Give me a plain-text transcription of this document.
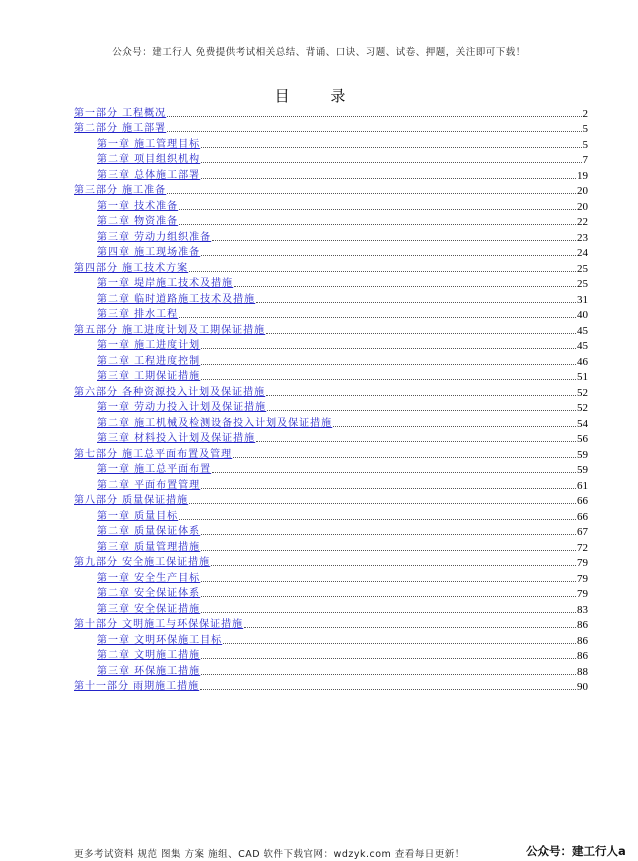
公众号：建工行人 免费提供考试相关总结、背诵、口诀、习题、试卷、押题，关注即可下载！
目 录
第一部分 工程概况	2
第二部分 施工部署	5
第一章 施工管理目标	5
第二章 项目组织机构	7
第三章 总体施工部署	19
第三部分 施工准备	20
第一章 技术准备	20
第二章 物资准备	22
第三章 劳动力组织准备	23
第四章 施工现场准备	24
第四部分 施工技术方案	25
第一章 堤岸施工技术及措施	25
第二章 临时道路施工技术及措施	31
第三章 排水工程	40
第五部分 施工进度计划及工期保证措施	45
第一章 施工进度计划	45
第二章 工程进度控制	46
第三章 工期保证措施	51
第六部分 各种资源投入计划及保证措施	52
第一章 劳动力投入计划及保证措施	52
第二章 施工机械及检测设备投入计划及保证措施	54
第三章 材料投入计划及保证措施	56
第七部分 施工总平面布置及管理	59
第一章 施工总平面布置	59
第二章 平面布置管理	61
第八部分 质量保证措施	66
第一章 质量目标	66
第二章 质量保证体系	67
第三章 质量管理措施	72
第九部分 安全施工保证措施	79
第一章 安全生产目标	79
第二章 安全保证体系	79
第三章 安全保证措施	83
第十部分 文明施工与环保保证措施	86
第一章 文明环保施工目标	86
第二章 文明施工措施	86
第三章 环保施工措施	88
第十一部分 雨期施工措施	90
更多考试资料 规范 图集 方案 施组、CAD 软件下载官网：wdzyk.com 查看每日更新！	公众号：建工行人a
